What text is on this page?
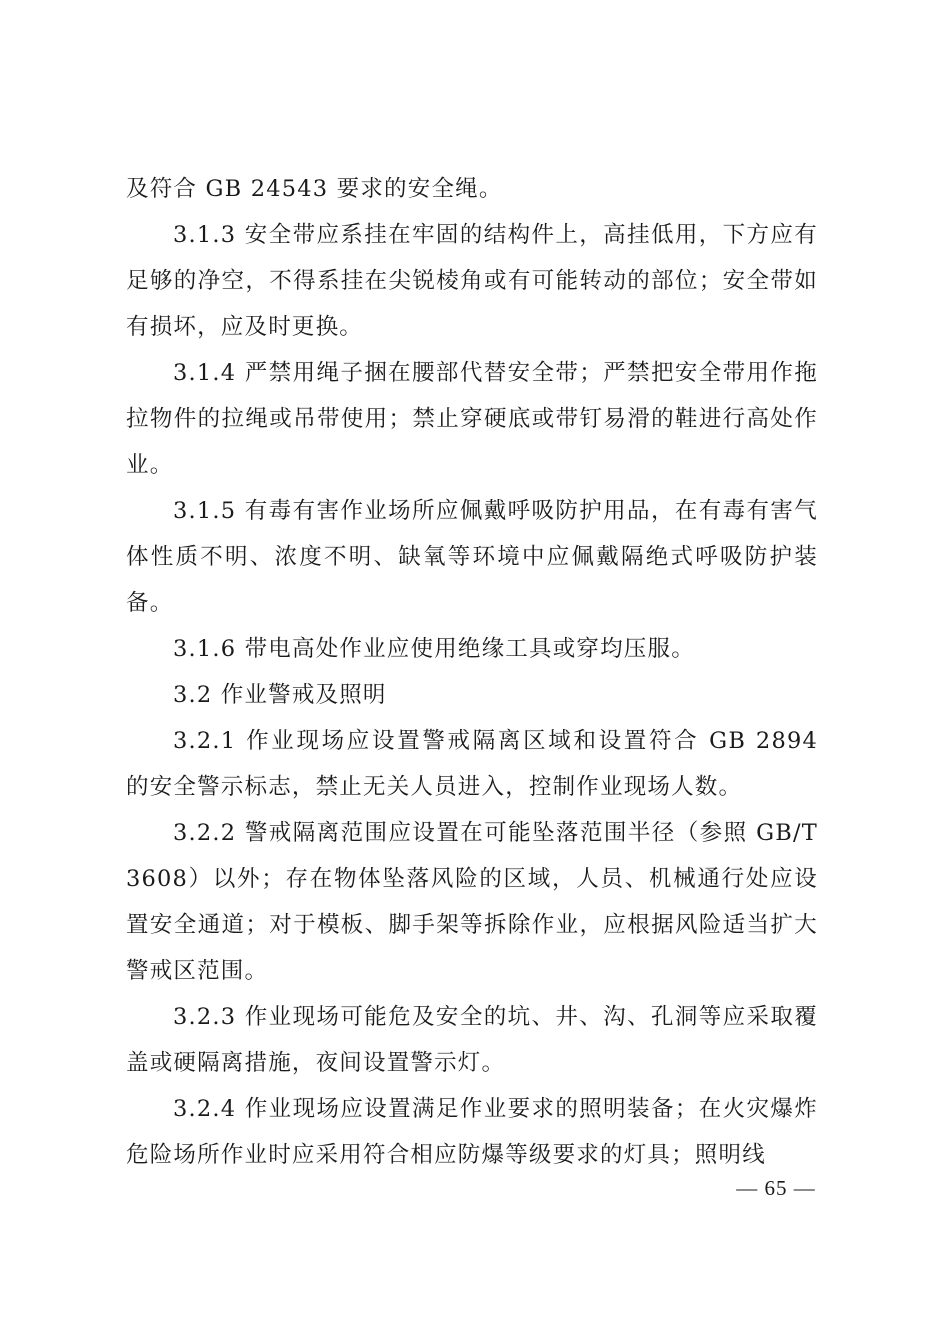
及符合 GB 24543 要求的安全绳。

3.1.3 安全带应系挂在牢固的结构件上，高挂低用，下方应有足够的净空，不得系挂在尖锐棱角或有可能转动的部位；安全带如有损坏，应及时更换。

3.1.4 严禁用绳子捆在腰部代替安全带；严禁把安全带用作拖拉物件的拉绳或吊带使用；禁止穿硬底或带钉易滑的鞋进行高处作业。

3.1.5 有毒有害作业场所应佩戴呼吸防护用品，在有毒有害气体性质不明、浓度不明、缺氧等环境中应佩戴隔绝式呼吸防护装备。

3.1.6 带电高处作业应使用绝缘工具或穿均压服。

3.2 作业警戒及照明

3.2.1 作业现场应设置警戒隔离区域和设置符合 GB 2894 的安全警示标志，禁止无关人员进入，控制作业现场人数。

3.2.2 警戒隔离范围应设置在可能坠落范围半径（参照 GB/T 3608）以外；存在物体坠落风险的区域，人员、机械通行处应设置安全通道；对于模板、脚手架等拆除作业，应根据风险适当扩大警戒区范围。

3.2.3 作业现场可能危及安全的坑、井、沟、孔洞等应采取覆盖或硬隔离措施，夜间设置警示灯。

3.2.4 作业现场应设置满足作业要求的照明装备；在火灾爆炸危险场所作业时应采用符合相应防爆等级要求的灯具；照明线

— 65 —
